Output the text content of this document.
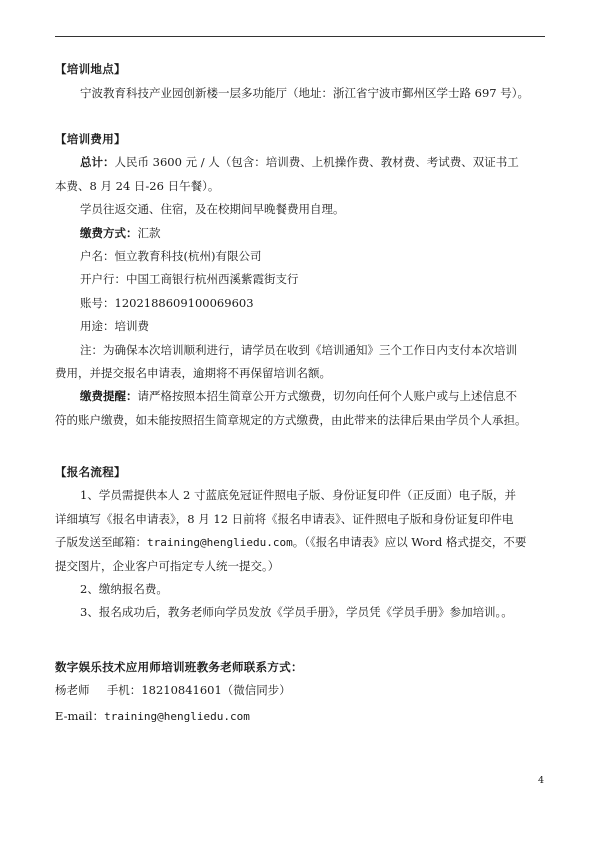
【培训地点】
宁波教育科技产业园创新楼一层多功能厅（地址：浙江省宁波市鄞州区学士路 697 号）。
【培训费用】
总计：人民币 3600 元 / 人（包含：培训费、上机操作费、教材费、考试费、双证书工
本费、8 月 24 日-26 日午餐）。
学员往返交通、住宿，及在校期间早晚餐费用自理。
缴费方式：汇款
户名：恒立教育科技(杭州)有限公司
开户行：中国工商银行杭州西溪紫霞街支行
账号：1202188609100069603
用途：培训费
注：为确保本次培训顺利进行，请学员在收到《培训通知》三个工作日内支付本次培训
费用，并提交报名申请表，逾期将不再保留培训名额。
缴费提醒：请严格按照本招生简章公开方式缴费，切勿向任何个人账户或与上述信息不
符的账户缴费，如未能按照招生简章规定的方式缴费，由此带来的法律后果由学员个人承担。
【报名流程】
1、学员需提供本人 2 寸蓝底免冠证件照电子版、身份证复印件（正反面）电子版，并
详细填写《报名申请表》，8 月 12 日前将《报名申请表》、证件照电子版和身份证复印件电
子版发送至邮箱：training@hengliedu.com。（《报名申请表》应以 Word 格式提交，不要
提交图片，企业客户可指定专人统一提交。）
2、缴纳报名费。
3、报名成功后，教务老师向学员发放《学员手册》，学员凭《学员手册》参加培训。。
数字娱乐技术应用师培训班教务老师联系方式：
杨老师 手机：18210841601（微信同步）
E-mail：training@hengliedu.com
4
